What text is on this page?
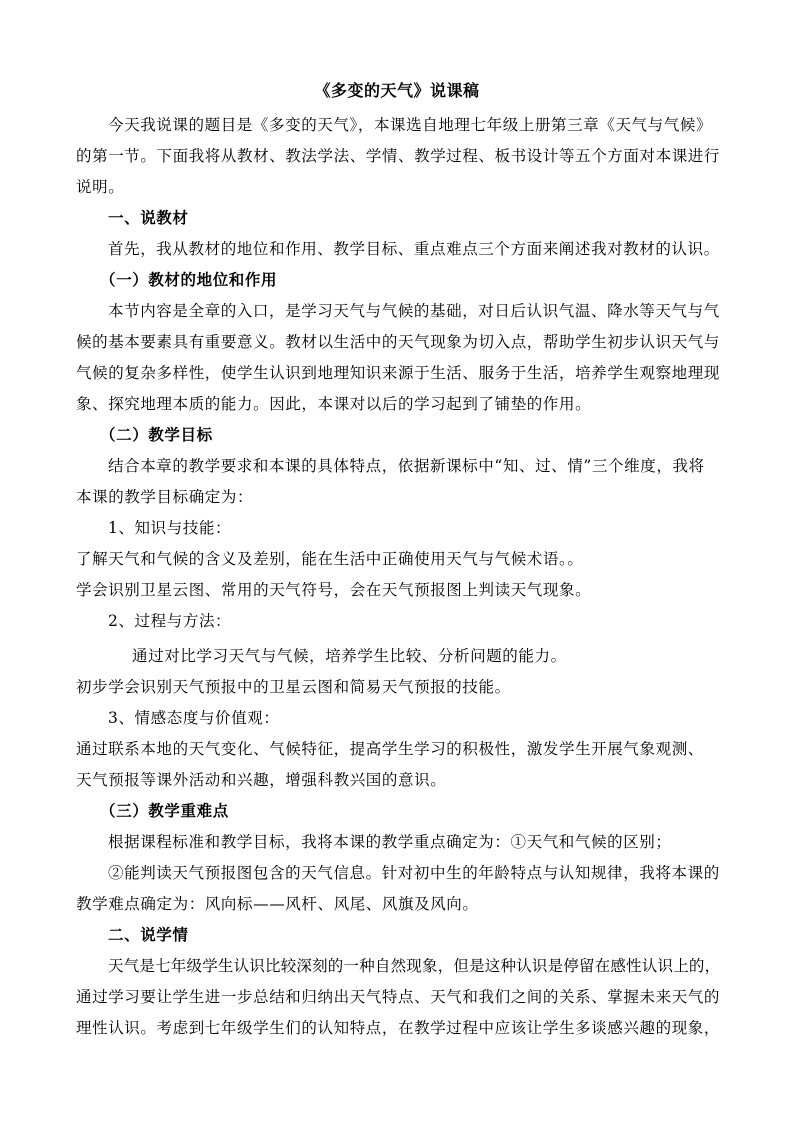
《多变的天气》说课稿
今天我说课的题目是《多变的天气》，本课选自地理七年级上册第三章《天气与气候》
的第一节。下面我将从教材、教法学法、学情、教学过程、板书设计等五个方面对本课进行
说明。
一、说教材
首先，我从教材的地位和作用、教学目标、重点难点三个方面来阐述我对教材的认识。
（一）教材的地位和作用
本节内容是全章的入口，是学习天气与气候的基础，对日后认识气温、降水等天气与气
候的基本要素具有重要意义。教材以生活中的天气现象为切入点，帮助学生初步认识天气与
气候的复杂多样性，使学生认识到地理知识来源于生活、服务于生活，培养学生观察地理现
象、探究地理本质的能力。因此，本课对以后的学习起到了铺垫的作用。
（二）教学目标
结合本章的教学要求和本课的具体特点，依据新课标中“知、过、情”三个维度，我将
本课的教学目标确定为：
1、知识与技能：
了解天气和气候的含义及差别，能在生活中正确使用天气与气候术语。。
学会识别卫星云图、常用的天气符号，会在天气预报图上判读天气现象。
2、过程与方法：
通过对比学习天气与气候，培养学生比较、分析问题的能力。
初步学会识别天气预报中的卫星云图和简易天气预报的技能。
3、情感态度与价值观：
通过联系本地的天气变化、气候特征，提高学生学习的积极性，激发学生开展气象观测、
天气预报等课外活动和兴趣，增强科教兴国的意识。
（三）教学重难点
根据课程标准和教学目标，我将本课的教学重点确定为：①天气和气候的区别；
②能判读天气预报图包含的天气信息。针对初中生的年龄特点与认知规律，我将本课的
教学难点确定为：风向标——风杆、风尾、风旗及风向。
二、说学情
天气是七年级学生认识比较深刻的一种自然现象，但是这种认识是停留在感性认识上的，
通过学习要让学生进一步总结和归纳出天气特点、天气和我们之间的关系、掌握未来天气的
理性认识。考虑到七年级学生们的认知特点，在教学过程中应该让学生多谈感兴趣的现象，
